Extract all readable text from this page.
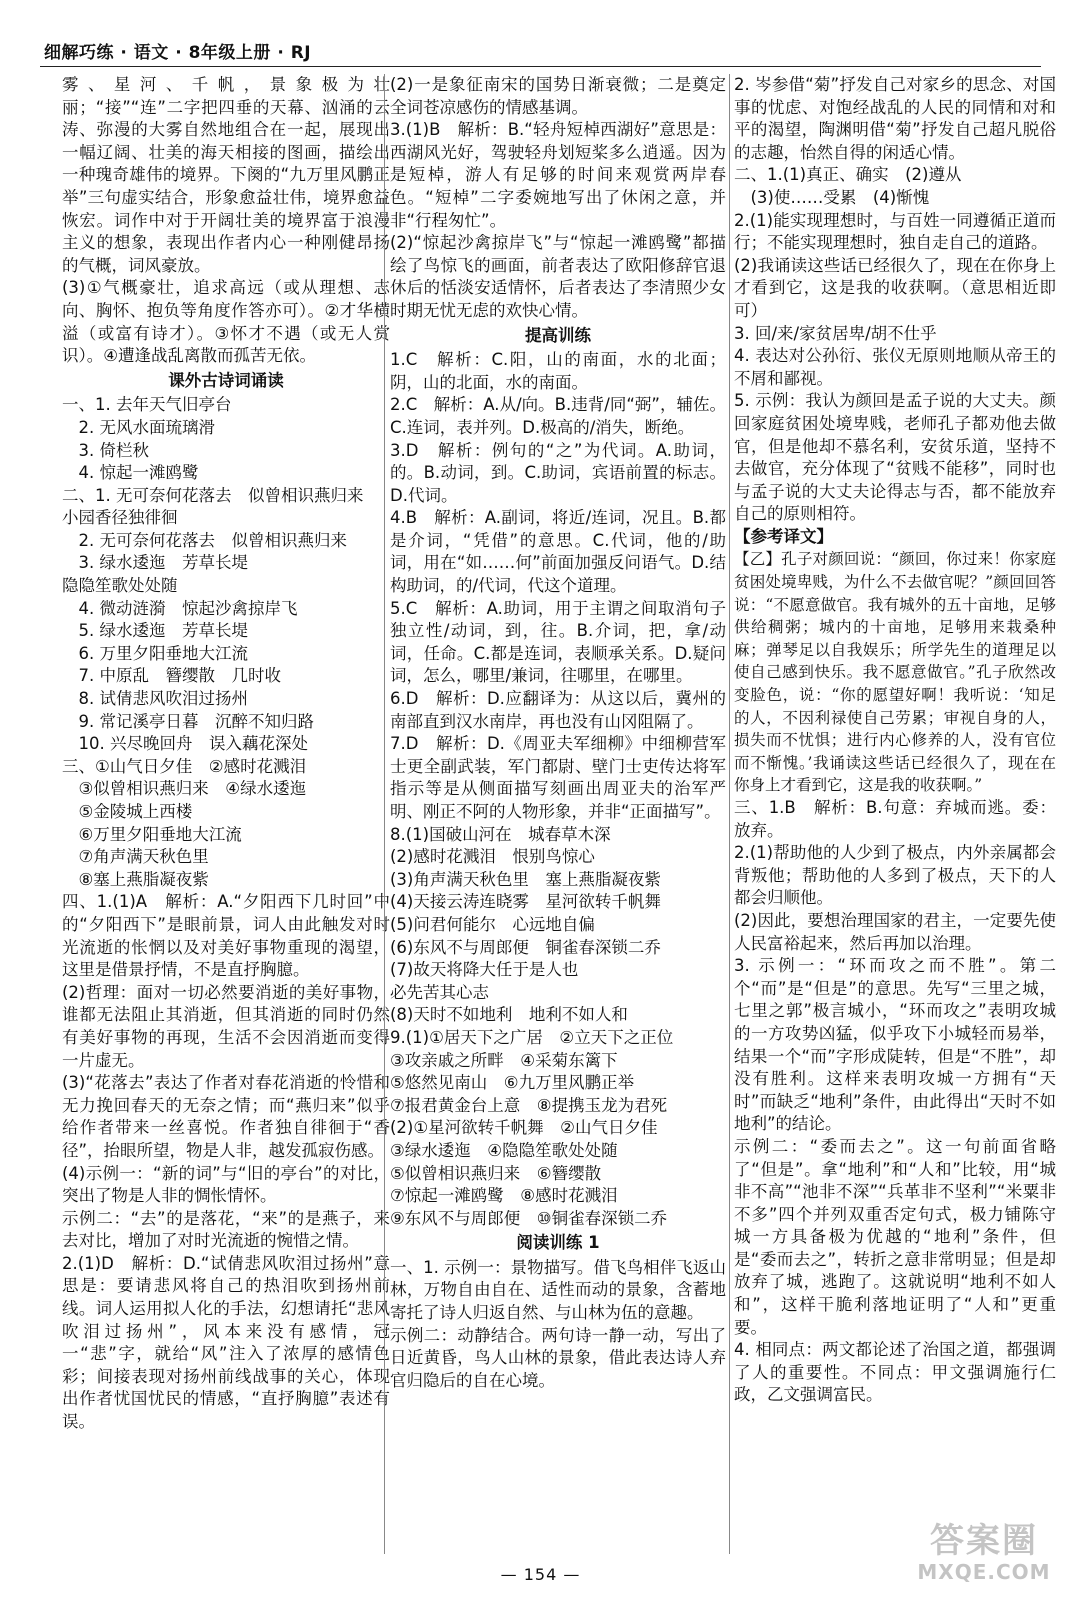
细解巧练 · 语文 · 8年级上册 · RJ

雾、星河、千帆，景象极为壮丽；“接”“连”二字把四垂的天幕、汹涌的云涛、弥漫的大雾自然地组合在一起，展现出一幅辽阔、壮美的海天相接的图画，描绘出一种瑰奇雄伟的境界。下阕的“九万里风鹏正举”三句虚实结合，形象愈益壮伟，境界愈益恢宏。词作中对于开阔壮美的境界富于浪漫主义的想象，表现出作者内心一种刚健昂扬的气概，词风豪放。

(3)①气概豪壮，追求高远（或从理想、志向、胸怀、抱负等角度作答亦可）。②才华横溢（或富有诗才）。③怀才不遇（或无人赏识）。④遭逢战乱离散而孤苦无依。

课外古诗词诵读

一、1. 去年天气旧亭台

2. 无风水面琉璃滑

3. 倚栏秋

4. 惊起一滩鸥鹭

二、1. 无可奈何花落去　似曾相识燕归来

小园香径独徘徊

2. 无可奈何花落去　似曾相识燕归来

3. 绿水逶迤　芳草长堤

隐隐笙歌处处随

4. 微动涟漪　惊起沙禽掠岸飞

5. 绿水逶迤　芳草长堤

6. 万里夕阳垂地大江流

7. 中原乱　簪缨散　几时收

8. 试倩悲风吹泪过扬州

9. 常记溪亭日暮　沉醉不知归路

10. 兴尽晚回舟　误入藕花深处

三、①山气日夕佳　②感时花溅泪

③似曾相识燕归来　④绿水逶迤

⑤金陵城上西楼

⑥万里夕阳垂地大江流

⑦角声满天秋色里

⑧塞上燕脂凝夜紫

四、1.(1)A　解析：A.“夕阳西下几时回”中的“夕阳西下”是眼前景，词人由此触发对时光流逝的怅惘以及对美好事物重现的渴望，这里是借景抒情，不是直抒胸臆。

(2)哲理：面对一切必然要消逝的美好事物，谁都无法阻止其消逝，但其消逝的同时仍然有美好事物的再现，生活不会因消逝而变得一片虚无。

(3)“花落去”表达了作者对春花消逝的怜惜和无力挽回春天的无奈之情；而“燕归来”似乎给作者带来一丝喜悦。作者独自徘徊于“香径”，抬眼所望，物是人非，越发孤寂伤感。

(4)示例一：“新的词”与“旧的亭台”的对比，突出了物是人非的惆怅情怀。

示例二：“去”的是落花，“来”的是燕子，来去对比，增加了对时光流逝的惋惜之情。

2.(1)D　解析：D.“试倩悲风吹泪过扬州”意思是：要请悲风将自己的热泪吹到扬州前线。词人运用拟人化的手法，幻想请托“悲风吹泪过扬州”，风本来没有感情，冠一“悲”字，就给“风”注入了浓厚的感情色彩；间接表现对扬州前线战事的关心，体现出作者忧国忧民的情感，“直抒胸臆”表述有误。

(2)一是象征南宋的国势日渐衰微；二是奠定全词苍凉感伤的情感基调。

3.(1)B　解析：B.“轻舟短棹西湖好”意思是：西湖风光好，驾驶轻舟划短桨多么逍遥。因为是短棹，游人有足够的时间来观赏两岸春色。“短棹”二字委婉地写出了休闲之意，并非“行程匆忙”。

(2)“惊起沙禽掠岸飞”与“惊起一滩鸥鹭”都描绘了鸟惊飞的画面，前者表达了欧阳修辞官退休后的恬淡安适情怀，后者表达了李清照少女时期无忧无虑的欢快心情。

提高训练

1.C　解析：C.阳，山的南面，水的北面；阴，山的北面，水的南面。

2.C　解析：A.从/向。B.违背/同“弼”，辅佐。C.连词，表并列。D.极高的/消失，断绝。

3.D　解析：例句的“之”为代词。A.助词，的。B.动词，到。C.助词，宾语前置的标志。D.代词。

4.B　解析：A.副词，将近/连词，况且。B.都是介词，“凭借”的意思。C.代词，他的/助词，用在“如……何”前面加强反问语气。D.结构助词，的/代词，代这个道理。

5.C　解析：A.助词，用于主谓之间取消句子独立性/动词，到，往。B.介词，把，拿/动词，任命。C.都是连词，表顺承关系。D.疑问词，怎么，哪里/兼词，往哪里，在哪里。

6.D　解析：D.应翻译为：从这以后，冀州的南部直到汉水南岸，再也没有山冈阻隔了。

7.D　解析：D.《周亚夫军细柳》中细柳营军士更全副武装，军门都尉、壁门士吏传达将军指示等是从侧面描写刻画出周亚夫的治军严明、刚正不阿的人物形象，并非“正面描写”。

8.(1)国破山河在　城春草木深

(2)感时花溅泪　恨别鸟惊心

(3)角声满天秋色里　塞上燕脂凝夜紫

(4)天接云涛连晓雾　星河欲转千帆舞

(5)问君何能尔　心远地自偏

(6)东风不与周郎便　铜雀春深锁二乔

(7)故天将降大任于是人也

必先苦其心志

(8)天时不如地利　地利不如人和

9.(1)①居天下之广居　②立天下之正位

③攻亲戚之所畔　④采菊东篱下

⑤悠然见南山　⑥九万里风鹏正举

⑦报君黄金台上意　⑧提携玉龙为君死

(2)①星河欲转千帆舞　②山气日夕佳

③绿水逶迤　④隐隐笙歌处处随

⑤似曾相识燕归来　⑥簪缨散

⑦惊起一滩鸥鹭　⑧感时花溅泪

⑨东风不与周郎便　⑩铜雀春深锁二乔

阅读训练 1

一、1. 示例一：景物描写。借飞鸟相伴飞返山林，万物自由自在、适性而动的景象，含蓄地寄托了诗人归返自然、与山林为伍的意趣。

示例二：动静结合。两句诗一静一动，写出了日近黄昏，鸟人山林的景象，借此表达诗人弃官归隐后的自在心境。

2. 岑参借“菊”抒发自己对家乡的思念、对国事的忧虑、对饱经战乱的人民的同情和对和平的渴望，陶渊明借“菊”抒发自己超凡脱俗的志趣，怡然自得的闲适心情。

二、1.(1)真正、确实　(2)遵从

(3)使……受累　(4)惭愧

2.(1)能实现理想时，与百姓一同遵循正道而行；不能实现理想时，独自走自己的道路。

(2)我诵读这些话已经很久了，现在在你身上才看到它，这是我的收获啊。（意思相近即可）

3. 回/来/家贫居卑/胡不仕乎

4. 表达对公孙衍、张仪无原则地顺从帝王的不屑和鄙视。

5. 示例：我认为颜回是孟子说的大丈夫。颜回家庭贫困处境卑贱，老师孔子都劝他去做官，但是他却不慕名利，安贫乐道，坚持不去做官，充分体现了“贫贱不能移”，同时也与孟子说的大丈夫论得志与否，都不能放弃自己的原则相符。

【参考译文】

【乙】孔子对颜回说：“颜回，你过来！你家庭贫困处境卑贱，为什么不去做官呢？”颜回回答说：“不愿意做官。我有城外的五十亩地，足够供给稠粥；城内的十亩地，足够用来栽桑种麻；弹琴足以自我娱乐；所学先生的道理足以使自己感到快乐。我不愿意做官。”孔子欣然改变脸色，说：“你的愿望好啊！我听说：‘知足的人，不因利禄使自己劳累；审视自身的人，损失而不忧惧；进行内心修养的人，没有官位而不惭愧。’我诵读这些话已经很久了，现在在你身上才看到它，这是我的收获啊。”

三、1.B　解析：B.句意：弃城而逃。委：放弃。

2.(1)帮助他的人少到了极点，内外亲属都会背叛他；帮助他的人多到了极点，天下的人都会归顺他。

(2)因此，要想治理国家的君主，一定要先使人民富裕起来，然后再加以治理。

3. 示例一：“环而攻之而不胜”。第二个“而”是“但是”的意思。先写“三里之城，七里之郭”极言城小，“环而攻之”表明攻城的一方攻势凶猛，似乎攻下小城轻而易举，结果一个“而”字形成陡转，但是“不胜”，却没有胜利。这样来表明攻城一方拥有“天时”而缺乏“地利”条件，由此得出“天时不如地利”的结论。

示例二：“委而去之”。这一句前面省略了“但是”。拿“地利”和“人和”比较，用“城非不高”“池非不深”“兵革非不坚利”“米粟非不多”四个并列双重否定句式，极力铺陈守城一方具备极为优越的“地利”条件，但是“委而去之”，转折之意非常明显；但是却放弃了城，逃跑了。这就说明“地利不如人和”，这样干脆利落地证明了“人和”更重要。

4. 相同点：两文都论述了治国之道，都强调了人的重要性。不同点：甲文强调施行仁政，乙文强调富民。

— 154 —
答案圈
MXQE.COM
